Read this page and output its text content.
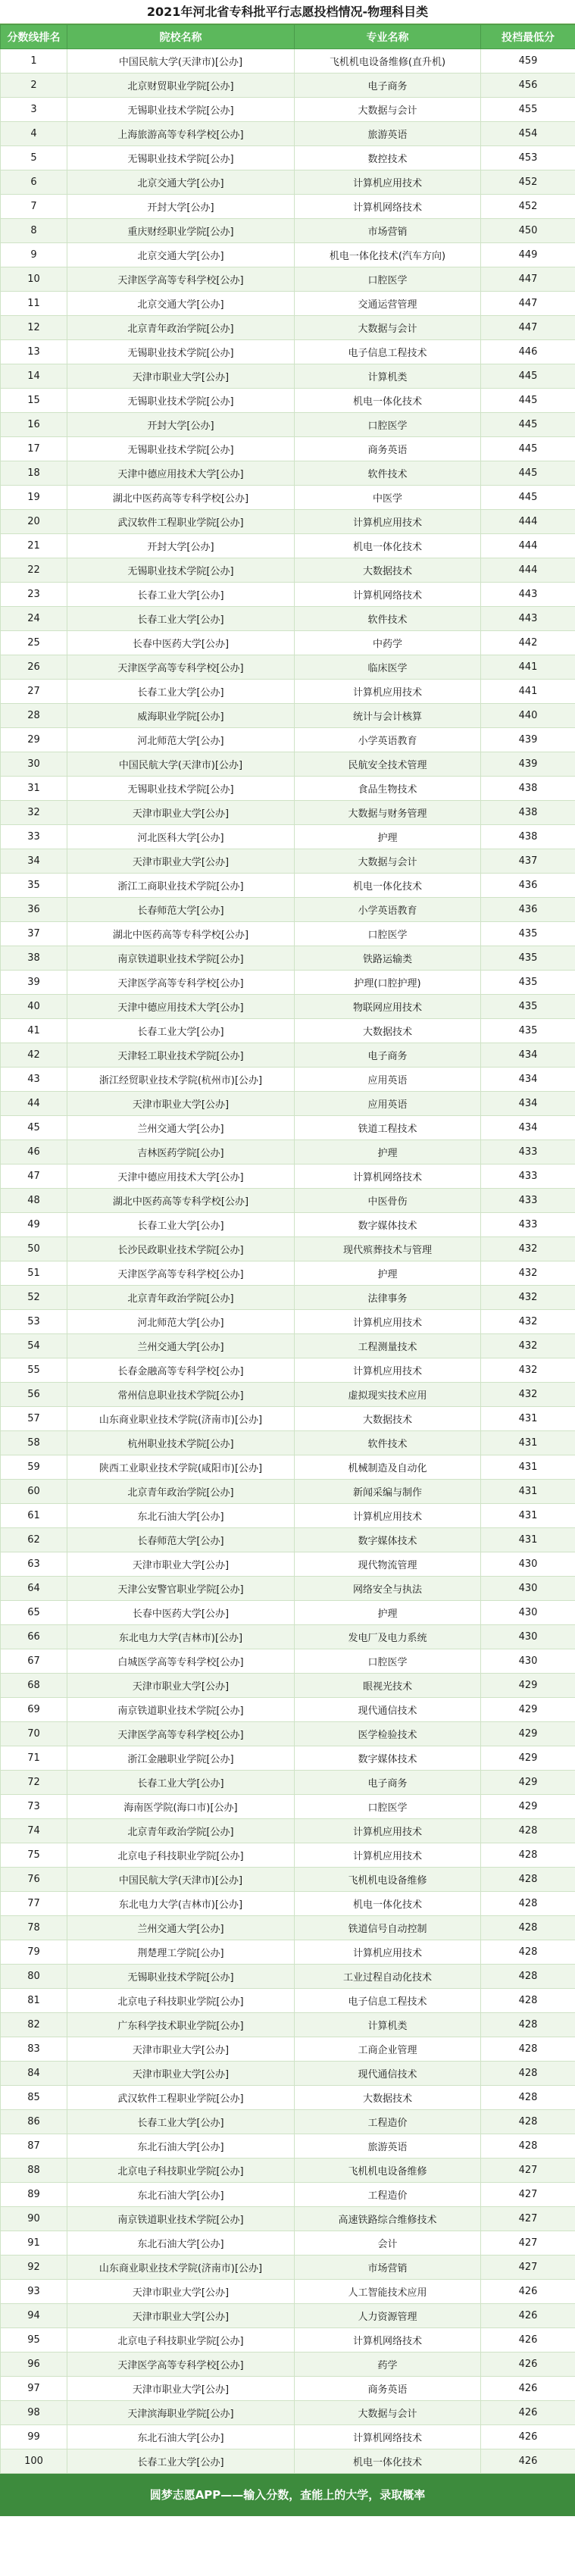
2021年河北省专科批平行志愿投档情况-物理科目类
分数线排名	院校名称	专业名称	投档最低分
1	中国民航大学(天津市)[公办]	飞机机电设备维修(直升机)	459
2	北京财贸职业学院[公办]	电子商务	456
3	无锡职业技术学院[公办]	大数据与会计	455
4	上海旅游高等专科学校[公办]	旅游英语	454
5	无锡职业技术学院[公办]	数控技术	453
6	北京交通大学[公办]	计算机应用技术	452
7	开封大学[公办]	计算机网络技术	452
8	重庆财经职业学院[公办]	市场营销	450
9	北京交通大学[公办]	机电一体化技术(汽车方向)	449
10	天津医学高等专科学校[公办]	口腔医学	447
11	北京交通大学[公办]	交通运营管理	447
12	北京青年政治学院[公办]	大数据与会计	447
13	无锡职业技术学院[公办]	电子信息工程技术	446
14	天津市职业大学[公办]	计算机类	445
15	无锡职业技术学院[公办]	机电一体化技术	445
16	开封大学[公办]	口腔医学	445
17	无锡职业技术学院[公办]	商务英语	445
18	天津中德应用技术大学[公办]	软件技术	445
19	湖北中医药高等专科学校[公办]	中医学	445
20	武汉软件工程职业学院[公办]	计算机应用技术	444
21	开封大学[公办]	机电一体化技术	444
22	无锡职业技术学院[公办]	大数据技术	444
23	长春工业大学[公办]	计算机网络技术	443
24	长春工业大学[公办]	软件技术	443
25	长春中医药大学[公办]	中药学	442
26	天津医学高等专科学校[公办]	临床医学	441
27	长春工业大学[公办]	计算机应用技术	441
28	威海职业学院[公办]	统计与会计核算	440
29	河北师范大学[公办]	小学英语教育	439
30	中国民航大学(天津市)[公办]	民航安全技术管理	439
31	无锡职业技术学院[公办]	食品生物技术	438
32	天津市职业大学[公办]	大数据与财务管理	438
33	河北医科大学[公办]	护理	438
34	天津市职业大学[公办]	大数据与会计	437
35	浙江工商职业技术学院[公办]	机电一体化技术	436
36	长春师范大学[公办]	小学英语教育	436
37	湖北中医药高等专科学校[公办]	口腔医学	435
38	南京铁道职业技术学院[公办]	铁路运输类	435
39	天津医学高等专科学校[公办]	护理(口腔护理)	435
40	天津中德应用技术大学[公办]	物联网应用技术	435
41	长春工业大学[公办]	大数据技术	435
42	天津轻工职业技术学院[公办]	电子商务	434
43	浙江经贸职业技术学院(杭州市)[公办]	应用英语	434
44	天津市职业大学[公办]	应用英语	434
45	兰州交通大学[公办]	铁道工程技术	434
46	吉林医药学院[公办]	护理	433
47	天津中德应用技术大学[公办]	计算机网络技术	433
48	湖北中医药高等专科学校[公办]	中医骨伤	433
49	长春工业大学[公办]	数字媒体技术	433
50	长沙民政职业技术学院[公办]	现代殡葬技术与管理	432
51	天津医学高等专科学校[公办]	护理	432
52	北京青年政治学院[公办]	法律事务	432
53	河北师范大学[公办]	计算机应用技术	432
54	兰州交通大学[公办]	工程测量技术	432
55	长春金融高等专科学校[公办]	计算机应用技术	432
56	常州信息职业技术学院[公办]	虚拟现实技术应用	432
57	山东商业职业技术学院(济南市)[公办]	大数据技术	431
58	杭州职业技术学院[公办]	软件技术	431
59	陕西工业职业技术学院(咸阳市)[公办]	机械制造及自动化	431
60	北京青年政治学院[公办]	新闻采编与制作	431
61	东北石油大学[公办]	计算机应用技术	431
62	长春师范大学[公办]	数字媒体技术	431
63	天津市职业大学[公办]	现代物流管理	430
64	天津公安警官职业学院[公办]	网络安全与执法	430
65	长春中医药大学[公办]	护理	430
66	东北电力大学(吉林市)[公办]	发电厂及电力系统	430
67	白城医学高等专科学校[公办]	口腔医学	430
68	天津市职业大学[公办]	眼视光技术	429
69	南京铁道职业技术学院[公办]	现代通信技术	429
70	天津医学高等专科学校[公办]	医学检验技术	429
71	浙江金融职业学院[公办]	数字媒体技术	429
72	长春工业大学[公办]	电子商务	429
73	海南医学院(海口市)[公办]	口腔医学	429
74	北京青年政治学院[公办]	计算机应用技术	428
75	北京电子科技职业学院[公办]	计算机应用技术	428
76	中国民航大学(天津市)[公办]	飞机机电设备维修	428
77	东北电力大学(吉林市)[公办]	机电一体化技术	428
78	兰州交通大学[公办]	铁道信号自动控制	428
79	荆楚理工学院[公办]	计算机应用技术	428
80	无锡职业技术学院[公办]	工业过程自动化技术	428
81	北京电子科技职业学院[公办]	电子信息工程技术	428
82	广东科学技术职业学院[公办]	计算机类	428
83	天津市职业大学[公办]	工商企业管理	428
84	天津市职业大学[公办]	现代通信技术	428
85	武汉软件工程职业学院[公办]	大数据技术	428
86	长春工业大学[公办]	工程造价	428
87	东北石油大学[公办]	旅游英语	428
88	北京电子科技职业学院[公办]	飞机机电设备维修	427
89	东北石油大学[公办]	工程造价	427
90	南京铁道职业技术学院[公办]	高速铁路综合维修技术	427
91	东北石油大学[公办]	会计	427
92	山东商业职业技术学院(济南市)[公办]	市场营销	427
93	天津市职业大学[公办]	人工智能技术应用	426
94	天津市职业大学[公办]	人力资源管理	426
95	北京电子科技职业学院[公办]	计算机网络技术	426
96	天津医学高等专科学校[公办]	药学	426
97	天津市职业大学[公办]	商务英语	426
98	天津滨海职业学院[公办]	大数据与会计	426
99	东北石油大学[公办]	计算机网络技术	426
100	长春工业大学[公办]	机电一体化技术	426
圆梦志愿APP——输入分数，查能上的大学，录取概率
